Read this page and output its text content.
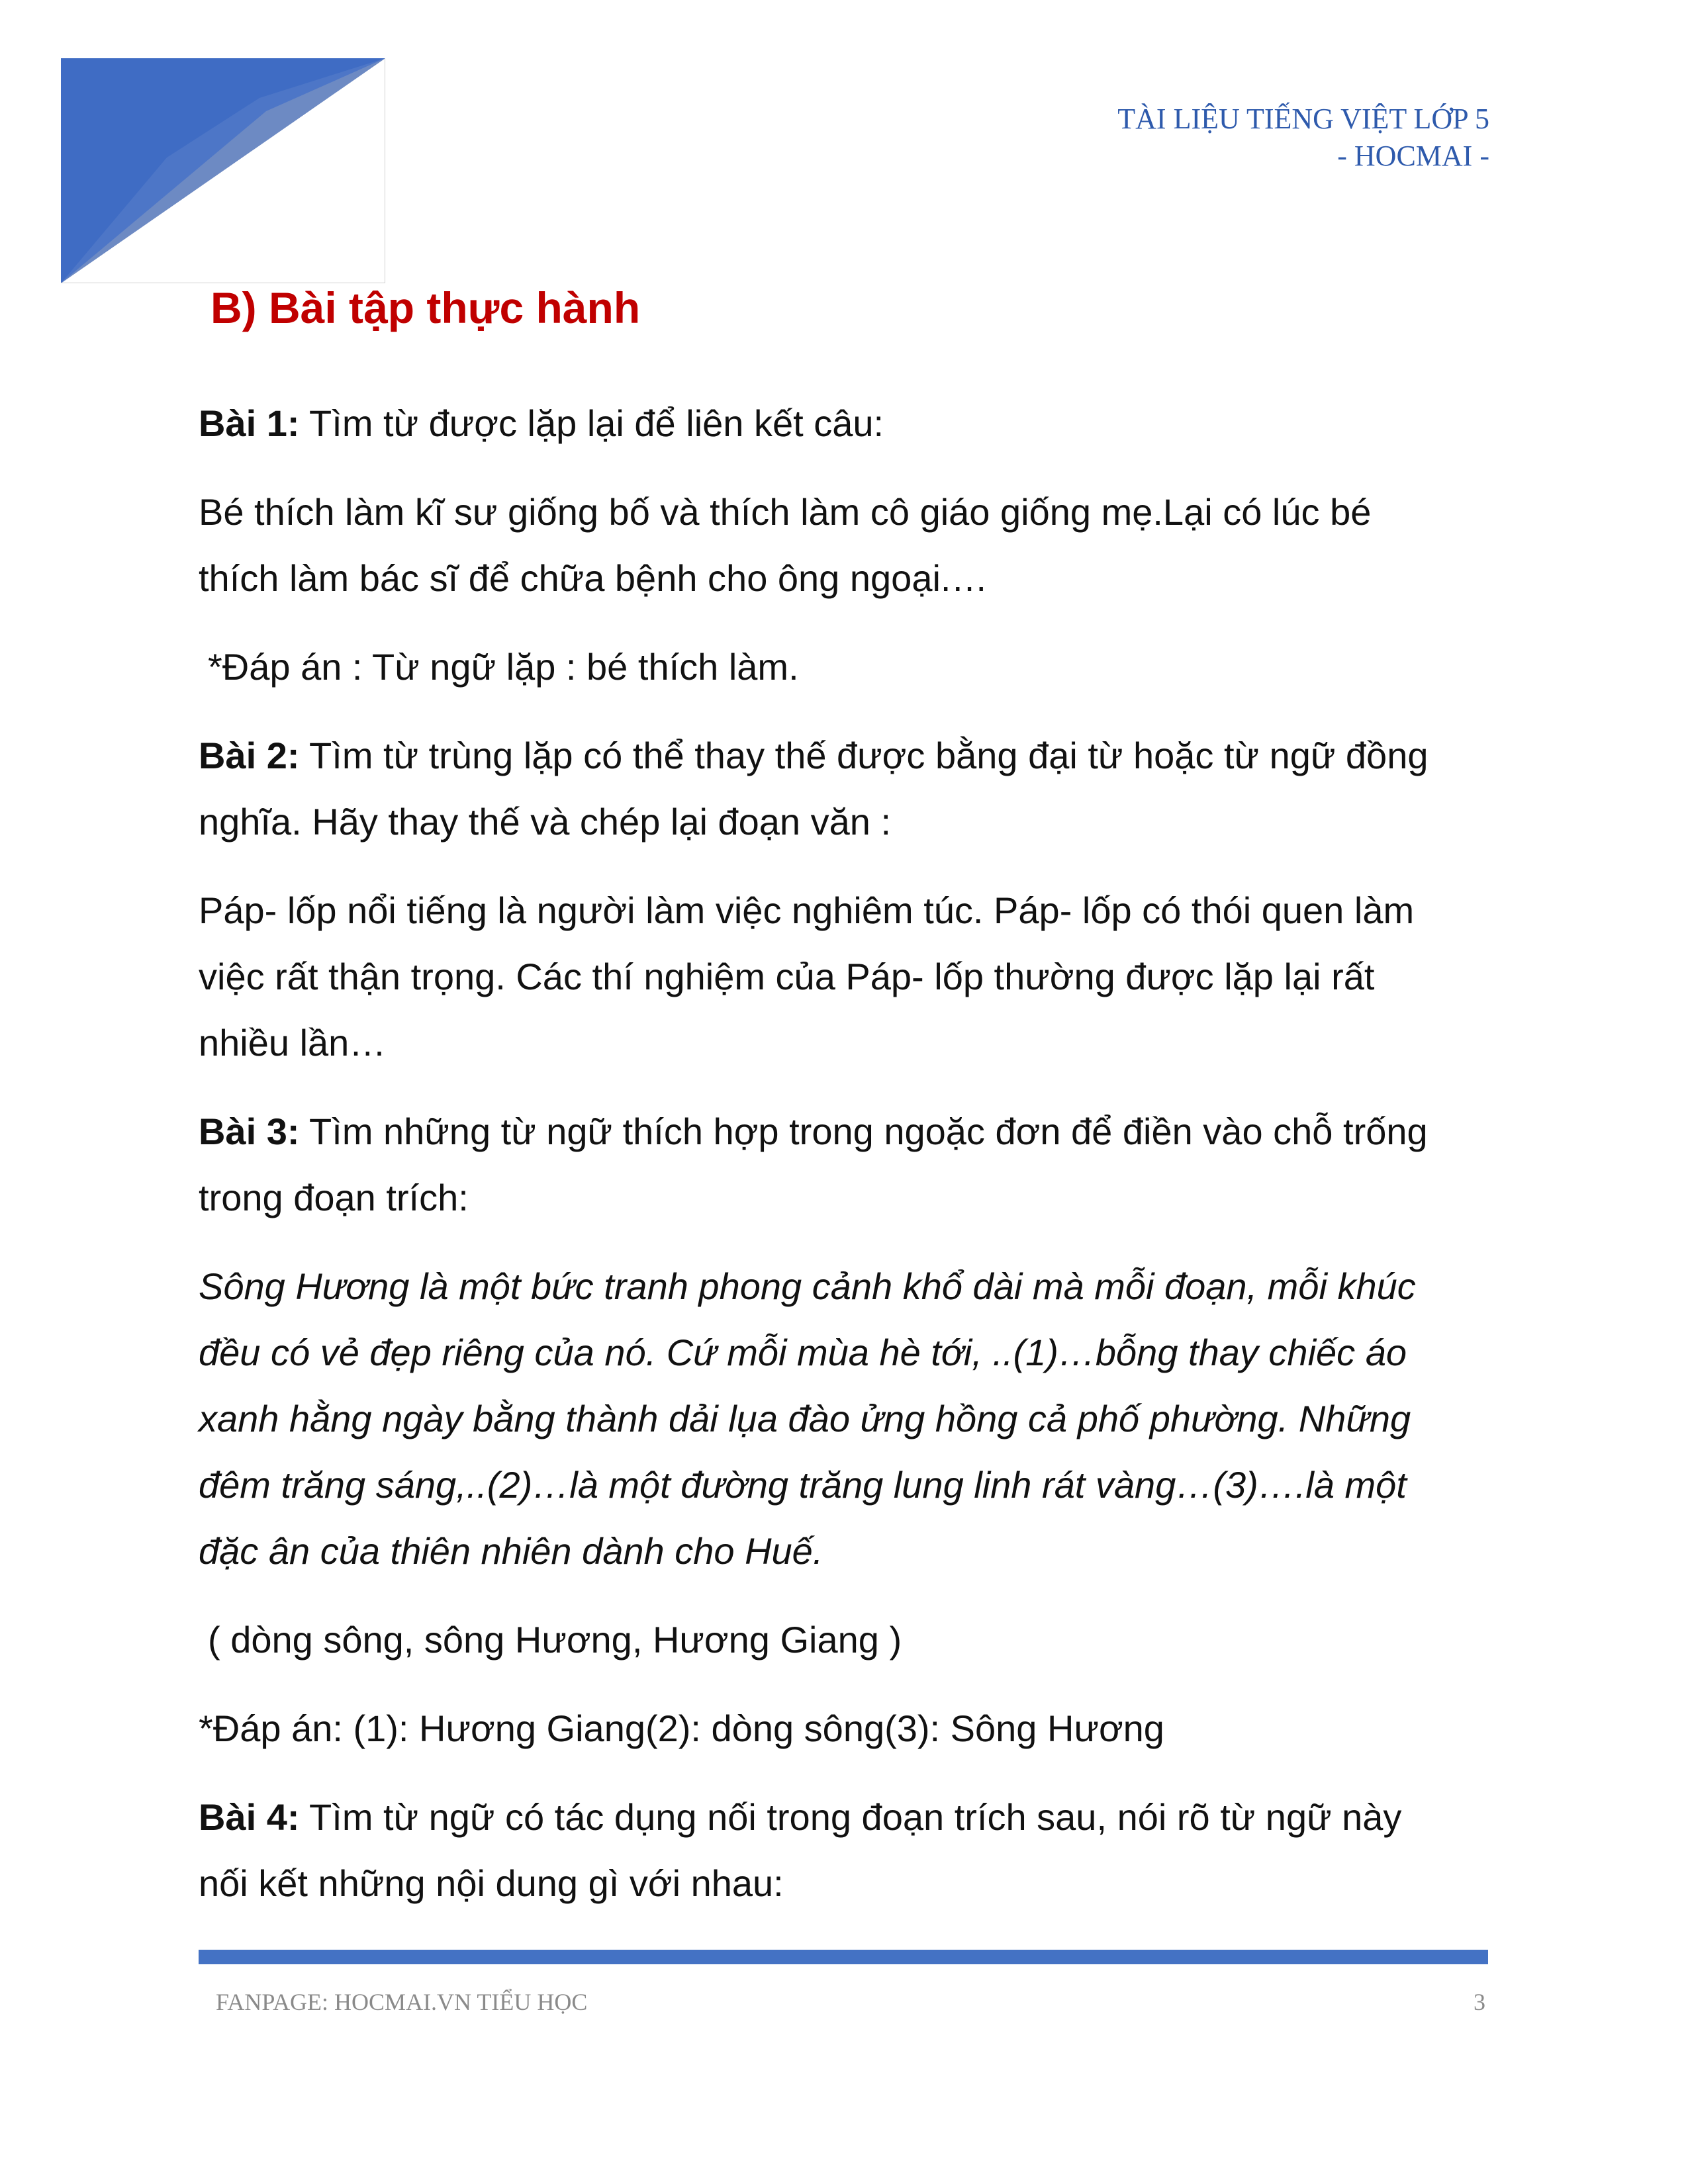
TÀI LIỆU TIẾNG VIỆT LỚP 5
- HOCMAI -
B) Bài tập thực hành

Bài 1: Tìm từ được lặp lại để liên kết câu:

Bé thích làm kĩ sư giống bố và thích làm cô giáo giống mẹ.Lại có lúc bé

thích làm bác sĩ để chữa bệnh cho ông ngoại.…

*Đáp án : Từ ngữ lặp : bé thích làm.

Bài 2: Tìm từ trùng lặp có thể thay thế được bằng đại từ hoặc từ ngữ đồng

nghĩa. Hãy thay thế và chép lại đoạn văn :

Páp- lốp nổi tiếng là người làm việc nghiêm túc. Páp- lốp có thói quen làm

việc rất thận trọng. Các thí nghiệm của Páp- lốp thường được lặp lại rất

nhiều lần…

Bài 3: Tìm những từ ngữ thích hợp trong ngoặc đơn để điền vào chỗ trống

trong đoạn trích:

Sông Hương là một bức tranh phong cảnh khổ dài mà mỗi đoạn, mỗi khúc

đều có vẻ đẹp riêng của nó. Cứ mỗi mùa hè tới, ..(1)…bỗng thay chiếc áo

xanh hằng ngày bằng thành dải lụa đào ửng hồng cả phố phường. Những

đêm trăng sáng,..(2)…là một đường trăng lung linh rát vàng…(3)….là một

đặc ân của thiên nhiên dành cho Huế.

( dòng sông, sông Hương, Hương Giang )

*Đáp án: (1): Hương Giang(2): dòng sông(3): Sông Hương

Bài 4: Tìm từ ngữ có tác dụng nối trong đoạn trích sau, nói rõ từ ngữ này

nối kết những nội dung gì với nhau:

FANPAGE: HOCMAI.VN TIỂU HỌC	3
